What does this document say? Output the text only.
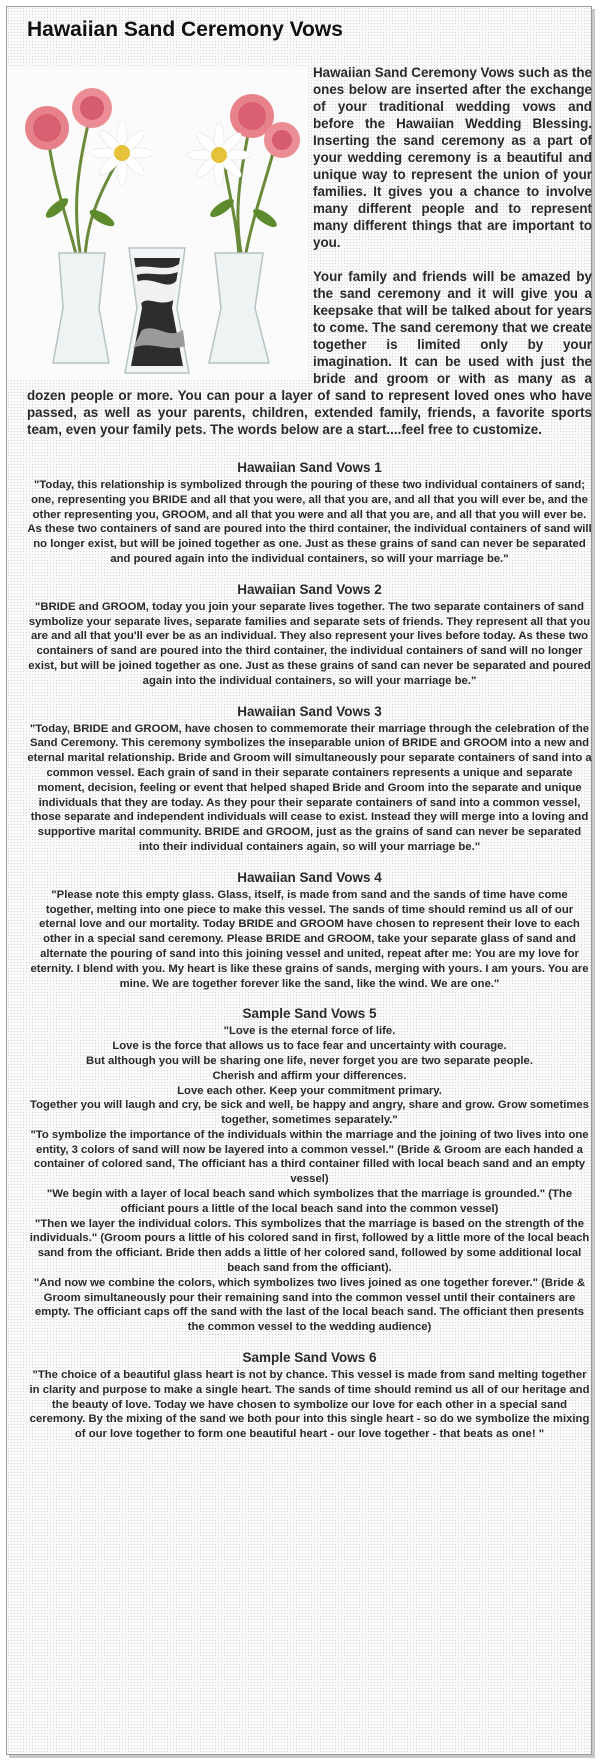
Hawaiian Sand Ceremony Vows

Hawaiian Sand Ceremony Vows such as the ones below are inserted after the exchange of your traditional wedding vows and before the Hawaiian Wedding Blessing. Inserting the sand ceremony as a part of your wedding ceremony is a beautiful and unique way to represent the union of your families. It gives you a chance to involve many different people and to represent many different things that are important to you.

Your family and friends will be amazed by the sand ceremony and it will give you a keepsake that will be talked about for years to come. The sand ceremony that we create together is limited only by your imagination. It can be used with just the bride and groom or with as many as a dozen people or more. You can pour a layer of sand to represent loved ones who have passed, as well as your parents, children, extended family, friends, a favorite sports team, even your family pets. The words below are a start....feel free to customize.

Hawaiian Sand Vows 1

"Today, this relationship is symbolized through the pouring of these two individual containers of sand; one, representing you BRIDE and all that you were, all that you are, and all that you will ever be, and the other representing you, GROOM, and all that you were and all that you are, and all that you will ever be. As these two containers of sand are poured into the third container, the individual containers of sand will no longer exist, but will be joined together as one. Just as these grains of sand can never be separated and poured again into the individual containers, so will your marriage be."

Hawaiian Sand Vows 2

"BRIDE and GROOM, today you join your separate lives together. The two separate containers of sand symbolize your separate lives, separate families and separate sets of friends. They represent all that you are and all that you'll ever be as an individual. They also represent your lives before today. As these two containers of sand are poured into the third container, the individual containers of sand will no longer exist, but will be joined together as one. Just as these grains of sand can never be separated and poured again into the individual containers, so will your marriage be."

Hawaiian Sand Vows 3

"Today, BRIDE and GROOM, have chosen to commemorate their marriage through the celebration of the Sand Ceremony. This ceremony symbolizes the inseparable union of BRIDE and GROOM into a new and eternal marital relationship. Bride and Groom will simultaneously pour separate containers of sand into a common vessel. Each grain of sand in their separate containers represents a unique and separate moment, decision, feeling or event that helped shaped Bride and Groom into the separate and unique individuals that they are today. As they pour their separate containers of sand into a common vessel, those separate and independent individuals will cease to exist. Instead they will merge into a loving and supportive marital community. BRIDE and GROOM, just as the grains of sand can never be separated into their individual containers again, so will your marriage be."

Hawaiian Sand Vows 4

"Please note this empty glass. Glass, itself, is made from sand and the sands of time have come together, melting into one piece to make this vessel. The sands of time should remind us all of our eternal love and our mortality. Today BRIDE and GROOM have chosen to represent their love to each other in a special sand ceremony. Please BRIDE and GROOM, take your separate glass of sand and alternate the pouring of sand into this joining vessel and united, repeat after me: You are my love for eternity. I blend with you. My heart is like these grains of sands, merging with yours. I am yours. You are mine. We are together forever like the sand, like the wind. We are one."

Sample Sand Vows 5

"Love is the eternal force of life.

Love is the force that allows us to face fear and uncertainty with courage.

But although you will be sharing one life, never forget you are two separate people.

Cherish and affirm your differences.

Love each other. Keep your commitment primary.

Together you will laugh and cry, be sick and well, be happy and angry, share and grow. Grow sometimes together, sometimes separately."

"To symbolize the importance of the individuals within the marriage and the joining of two lives into one entity, 3 colors of sand will now be layered into a common vessel." (Bride & Groom are each handed a container of colored sand, The officiant has a third container filled with local beach sand and an empty vessel)

"We begin with a layer of local beach sand which symbolizes that the marriage is grounded." (The officiant pours a little of the local beach sand into the common vessel)

"Then we layer the individual colors. This symbolizes that the marriage is based on the strength of the individuals." (Groom pours a little of his colored sand in first, followed by a little more of the local beach sand from the officiant. Bride then adds a little of her colored sand, followed by some additional local beach sand from the officiant).

"And now we combine the colors, which symbolizes two lives joined as one together forever." (Bride & Groom simultaneously pour their remaining sand into the common vessel until their containers are empty. The officiant caps off the sand with the last of the local beach sand. The officiant then presents the common vessel to the wedding audience)

Sample Sand Vows 6

"The choice of a beautiful glass heart is not by chance. This vessel is made from sand melting together in clarity and purpose to make a single heart. The sands of time should remind us all of our heritage and the beauty of love. Today we have chosen to symbolize our love for each other in a special sand ceremony. By the mixing of the sand we both pour into this single heart - so do we symbolize the mixing of our love together to form one beautiful heart - our love together - that beats as one! "
